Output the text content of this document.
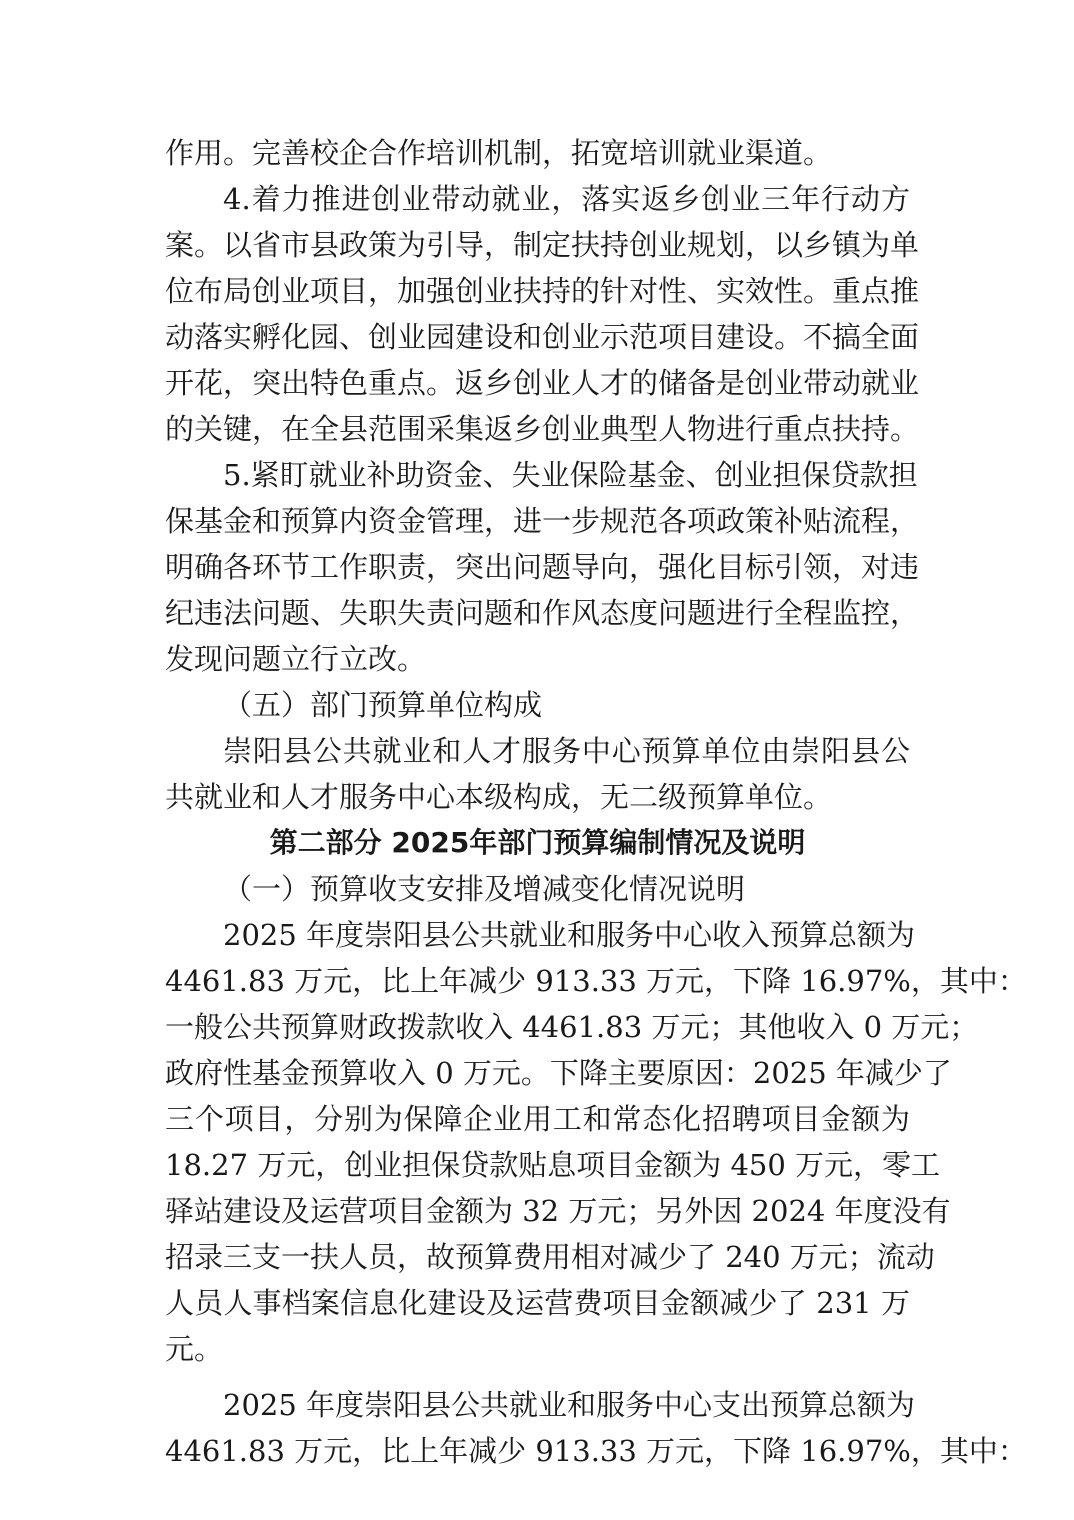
作用。完善校企合作培训机制，拓宽培训就业渠道。
4.着力推进创业带动就业，落实返乡创业三年行动方
案。以省市县政策为引导，制定扶持创业规划，以乡镇为单
位布局创业项目，加强创业扶持的针对性、实效性。重点推
动落实孵化园、创业园建设和创业示范项目建设。不搞全面
开花，突出特色重点。返乡创业人才的储备是创业带动就业
的关键，在全县范围采集返乡创业典型人物进行重点扶持。
5.紧盯就业补助资金、失业保险基金、创业担保贷款担
保基金和预算内资金管理，进一步规范各项政策补贴流程，
明确各环节工作职责，突出问题导向，强化目标引领，对违
纪违法问题、失职失责问题和作风态度问题进行全程监控，
发现问题立行立改。
（五）部门预算单位构成
崇阳县公共就业和人才服务中心预算单位由崇阳县公
共就业和人才服务中心本级构成，无二级预算单位。
第二部分 2025年部门预算编制情况及说明
（一）预算收支安排及增减变化情况说明
2025 年度崇阳县公共就业和服务中心收入预算总额为
4461.83 万元，比上年减少 913.33 万元，下降 16.97%，其中：
一般公共预算财政拨款收入 4461.83 万元；其他收入 0 万元；
政府性基金预算收入 0 万元。下降主要原因：2025 年减少了
三个项目，分别为保障企业用工和常态化招聘项目金额为
18.27 万元，创业担保贷款贴息项目金额为 450 万元，零工
驿站建设及运营项目金额为 32 万元；另外因 2024 年度没有
招录三支一扶人员，故预算费用相对减少了 240 万元；流动
人员人事档案信息化建设及运营费项目金额减少了 231 万
元。
2025 年度崇阳县公共就业和服务中心支出预算总额为
4461.83 万元，比上年减少 913.33 万元，下降 16.97%，其中：
